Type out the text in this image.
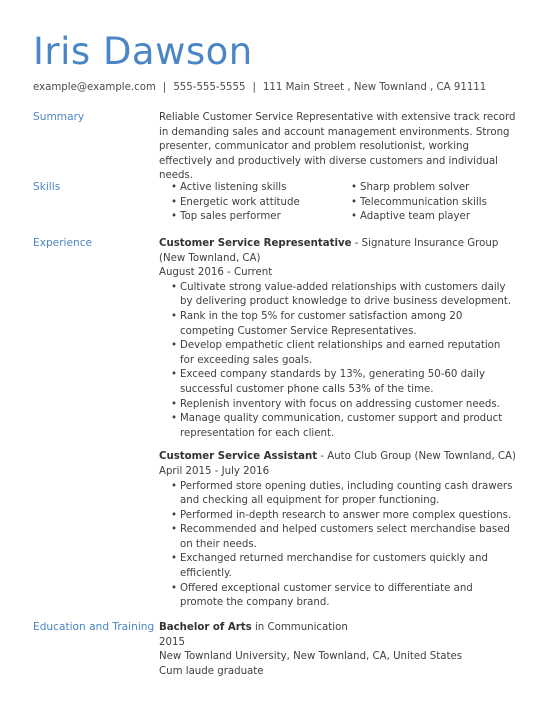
Iris Dawson
example@example.com | 555-555-5555 | 111 Main Street , New Townland , CA 91111
Summary	Reliable Customer Service Representative with extensive track record in demanding sales and account management environments. Strong presenter, communicator and problem resolutionist, working effectively and productively with diverse customers and individual needs.

Skills	• Active listening skills	• Sharp problem solver
• Energetic work attitude	• Telecommunication skills
• Top sales performer	• Adaptive team player
Experience	Customer Service Representative - Signature Insurance Group (New Townland, CA)

August 2016 - Current

• Cultivate strong value-added relationships with customers daily by delivering product knowledge to drive business development.
• Rank in the top 5% for customer satisfaction among 20 competing Customer Service Representatives.
• Develop empathetic client relationships and earned reputation for exceeding sales goals.
• Exceed company standards by 13%, generating 50-60 daily successful customer phone calls 53% of the time.
• Replenish inventory with focus on addressing customer needs.
• Manage quality communication, customer support and product representation for each client.

Customer Service Assistant - Auto Club Group (New Townland, CA)

April 2015 - July 2016

• Performed store opening duties, including counting cash drawers and checking all equipment for proper functioning.
• Performed in-depth research to answer more complex questions.
• Recommended and helped customers select merchandise based on their needs.
• Exchanged returned merchandise for customers quickly and efficiently.
• Offered exceptional customer service to differentiate and promote the company brand.
Education and Training Bachelor of Arts in Communication

2015

New Townland University, New Townland, CA, United States

Cum laude graduate
